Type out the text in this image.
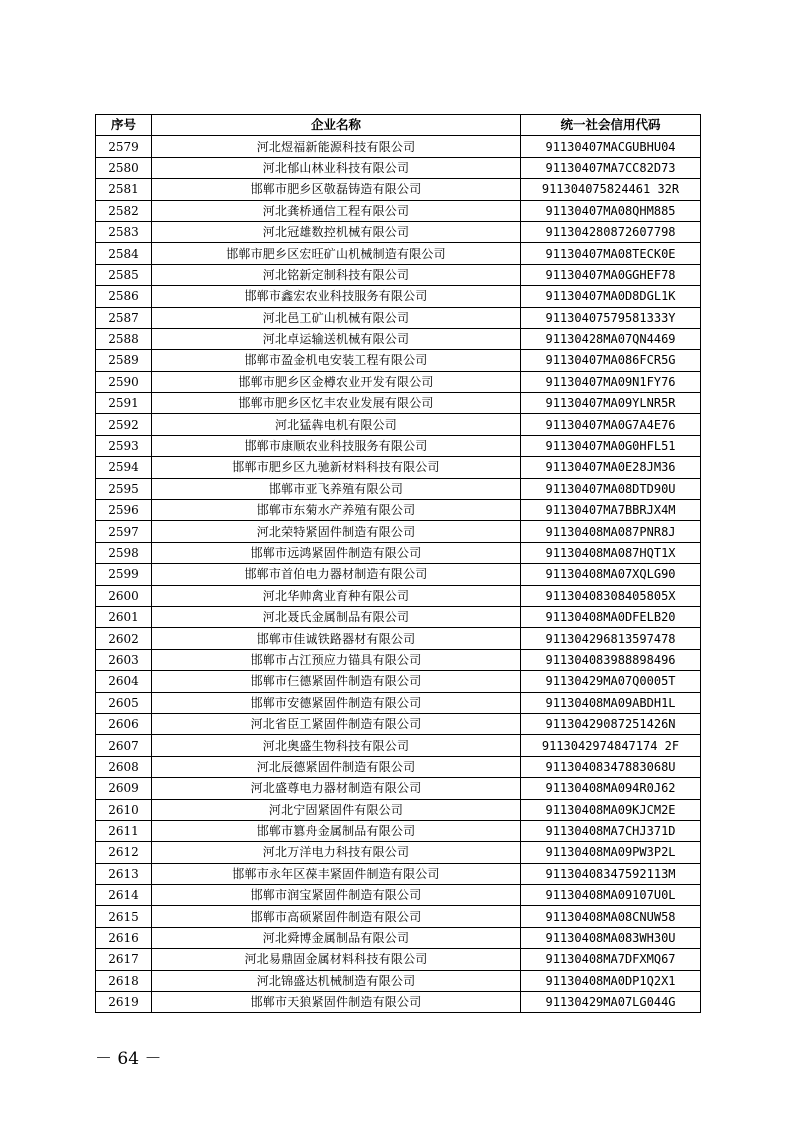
序号	企业名称	统一社会信用代码
2579	河北煜福新能源科技有限公司	91130407MACGUBHU04
2580	河北郁山林业科技有限公司	91130407MA7CC82D73
2581	邯郸市肥乡区敬磊铸造有限公司	911304075824461 32R
2582	河北龚桥通信工程有限公司	91130407MA08QHM885
2583	河北冠雄数控机械有限公司	911304280872607798
2584	邯郸市肥乡区宏旺矿山机械制造有限公司	91130407MA08TECK0E
2585	河北铭新定制科技有限公司	91130407MA0GGHEF78
2586	邯郸市鑫宏农业科技服务有限公司	91130407MA0D8DGL1K
2587	河北邑工矿山机械有限公司	91130407579581333Y
2588	河北卓运输送机械有限公司	91130428MA07QN4469
2589	邯郸市盈金机电安装工程有限公司	91130407MA086FCR5G
2590	邯郸市肥乡区金樽农业开发有限公司	91130407MA09N1FY76
2591	邯郸市肥乡区忆丰农业发展有限公司	91130407MA09YLNR5R
2592	河北猛犇电机有限公司	91130407MA0G7A4E76
2593	邯郸市康顺农业科技服务有限公司	91130407MA0G0HFL51
2594	邯郸市肥乡区九驰新材料科技有限公司	91130407MA0E28JM36
2595	邯郸市亚飞养殖有限公司	91130407MA08DTD90U
2596	邯郸市东菊水产养殖有限公司	91130407MA7BBRJX4M
2597	河北荣特紧固件制造有限公司	91130408MA087PNR8J
2598	邯郸市远鸿紧固件制造有限公司	91130408MA087HQT1X
2599	邯郸市首伯电力器材制造有限公司	91130408MA07XQLG90
2600	河北华帅禽业育种有限公司	91130408308405805X
2601	河北聂氏金属制品有限公司	91130408MA0DFELB20
2602	邯郸市佳诚铁路器材有限公司	911304296813597478
2603	邯郸市占江预应力锚具有限公司	911304083988898496
2604	邯郸市仨德紧固件制造有限公司	91130429MA07Q0005T
2605	邯郸市安德紧固件制造有限公司	91130408MA09ABDH1L
2606	河北省臣工紧固件制造有限公司	91130429087251426N
2607	河北奥盛生物科技有限公司	9113042974847174 2F
2608	河北辰德紧固件制造有限公司	91130408347883068U
2609	河北盛尊电力器材制造有限公司	91130408MA094R0J62
2610	河北宁固紧固件有限公司	91130408MA09KJCM2E
2611	邯郸市篡舟金属制品有限公司	91130408MA7CHJ371D
2612	河北万洋电力科技有限公司	91130408MA09PW3P2L
2613	邯郸市永年区葆丰紧固件制造有限公司	91130408347592113M
2614	邯郸市润宝紧固件制造有限公司	91130408MA09107U0L
2615	邯郸市高硕紧固件制造有限公司	91130408MA08CNUW58
2616	河北舜博金属制品有限公司	91130408MA083WH30U
2617	河北易鼎固金属材料科技有限公司	91130408MA7DFXMQ67
2618	河北锦盛达机械制造有限公司	91130408MA0DP1Q2X1
2619	邯郸市天狼紧固件制造有限公司	91130429MA07LG044G
－ 64 －
